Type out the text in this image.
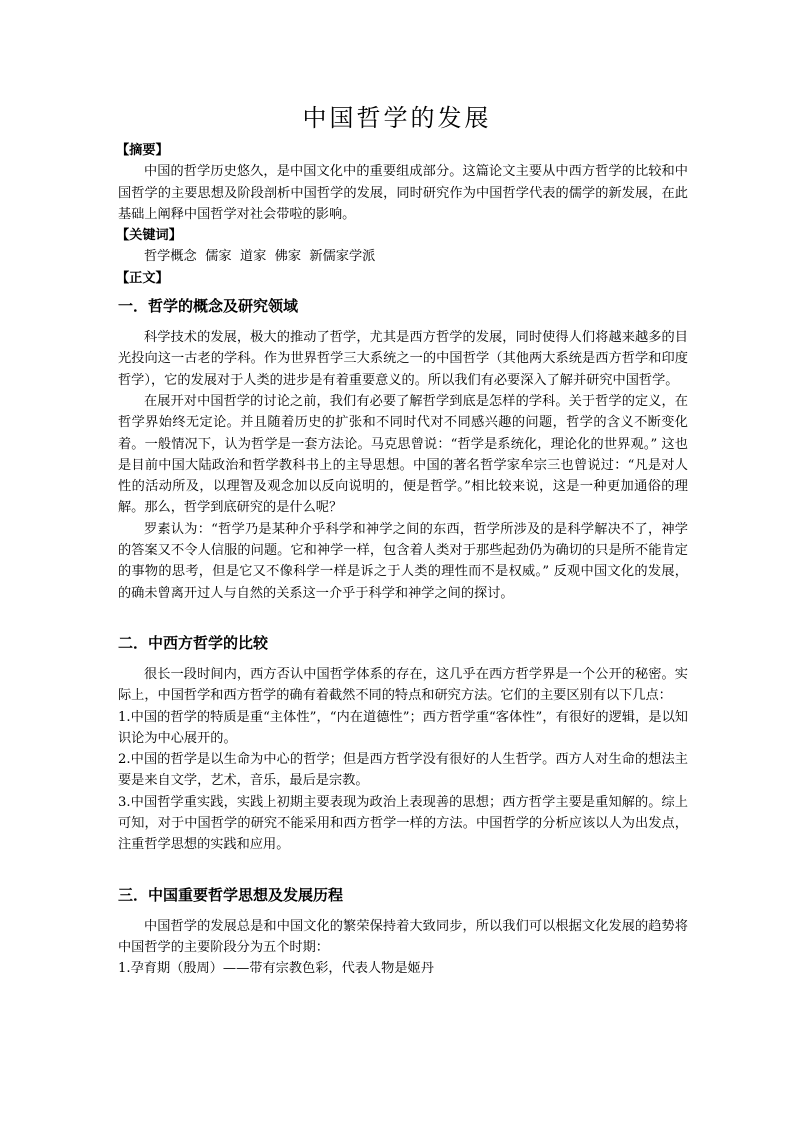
中国哲学的发展
【摘要】

中国的哲学历史悠久，是中国文化中的重要组成部分。这篇论文主要从中西方哲学的比较和中国哲学的主要思想及阶段剖析中国哲学的发展，同时研究作为中国哲学代表的儒学的新发展，在此基础上阐释中国哲学对社会带啦的影响。

【关键词】

哲学概念  儒家  道家  佛家  新儒家学派

【正文】
一．哲学的概念及研究领域

科学技术的发展，极大的推动了哲学，尤其是西方哲学的发展，同时使得人们将越来越多的目光投向这一古老的学科。作为世界哲学三大系统之一的中国哲学（其他两大系统是西方哲学和印度哲学），它的发展对于人类的进步是有着重要意义的。所以我们有必要深入了解并研究中国哲学。

在展开对中国哲学的讨论之前，我们有必要了解哲学到底是怎样的学科。关于哲学的定义，在哲学界始终无定论。并且随着历史的扩张和不同时代对不同感兴趣的问题，哲学的含义不断变化着。一般情况下，认为哲学是一套方法论。马克思曾说：“哲学是系统化，理论化的世界观。” 这也是目前中国大陆政治和哲学教科书上的主导思想。中国的著名哲学家牟宗三也曾说过：“凡是对人性的活动所及，以理智及观念加以反向说明的，便是哲学。”相比较来说，这是一种更加通俗的理解。那么，哲学到底研究的是什么呢？

罗素认为：“哲学乃是某种介乎科学和神学之间的东西，哲学所涉及的是科学解决不了，神学的答案又不令人信服的问题。它和神学一样，包含着人类对于那些起劲仍为确切的只是所不能肯定的事物的思考，但是它又不像科学一样是诉之于人类的理性而不是权威。” 反观中国文化的发展，的确未曾离开过人与自然的关系这一介乎于科学和神学之间的探讨。

二．中西方哲学的比较

很长一段时间内，西方否认中国哲学体系的存在，这几乎在西方哲学界是一个公开的秘密。实际上，中国哲学和西方哲学的确有着截然不同的特点和研究方法。它们的主要区别有以下几点：

1.中国的哲学的特质是重“主体性”，“内在道德性”；西方哲学重“客体性”，有很好的逻辑，是以知识论为中心展开的。

2.中国的哲学是以生命为中心的哲学；但是西方哲学没有很好的人生哲学。西方人对生命的想法主要是来自文学，艺术，音乐，最后是宗教。

3.中国哲学重实践，实践上初期主要表现为政治上表现善的思想；西方哲学主要是重知解的。综上可知，对于中国哲学的研究不能采用和西方哲学一样的方法。中国哲学的分析应该以人为出发点，注重哲学思想的实践和应用。

三．中国重要哲学思想及发展历程

中国哲学的发展总是和中国文化的繁荣保持着大致同步，所以我们可以根据文化发展的趋势将中国哲学的主要阶段分为五个时期：

1.孕育期（殷周）——带有宗教色彩，代表人物是姬丹
